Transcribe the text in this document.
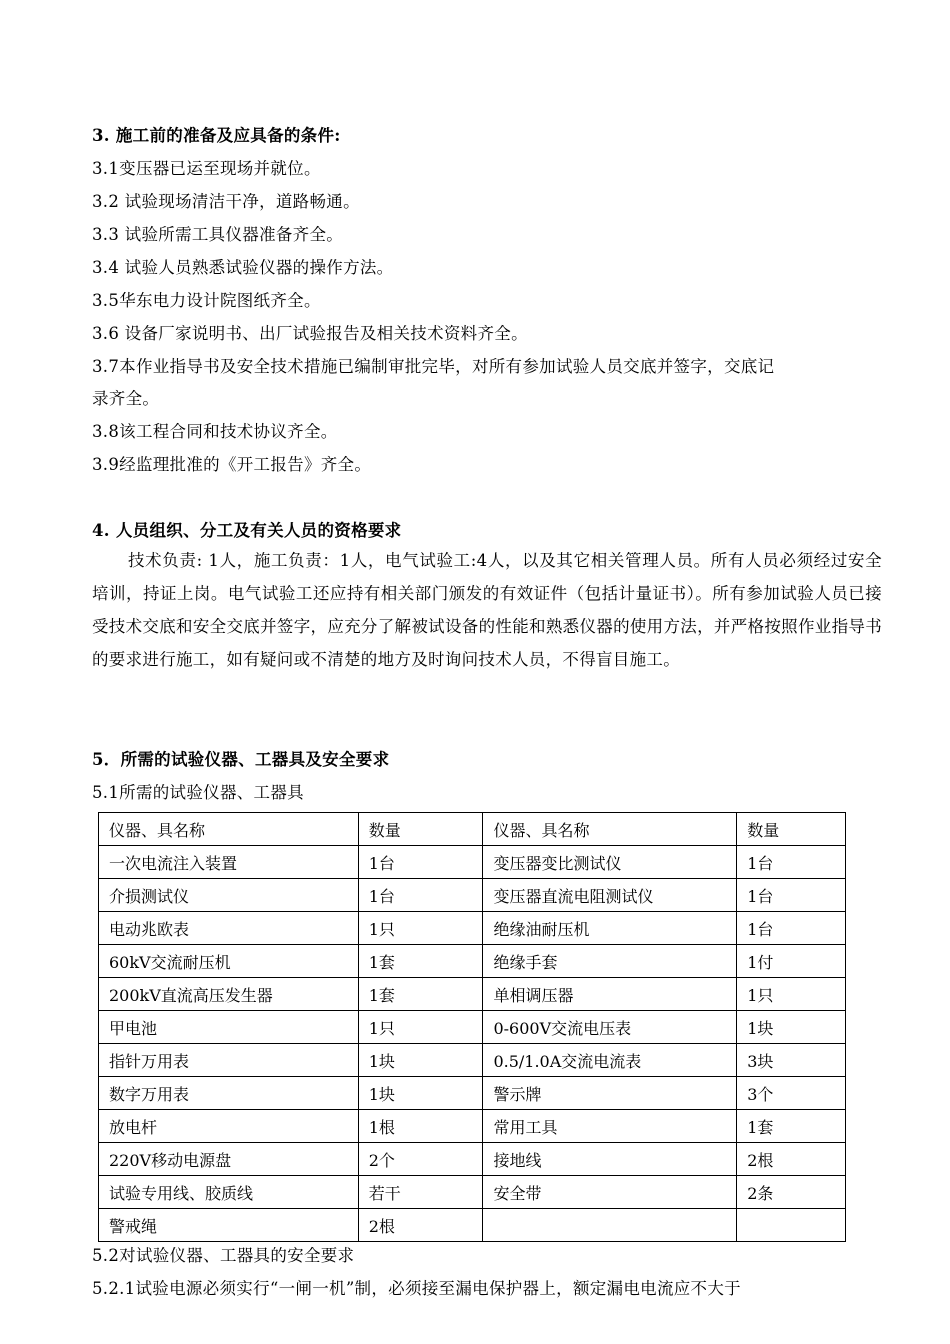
3. 施工前的准备及应具备的条件:
3.1变压器已运至现场并就位。
3.2 试验现场清洁干净，道路畅通。
3.3 试验所需工具仪器准备齐全。
3.4 试验人员熟悉试验仪器的操作方法。
3.5华东电力设计院图纸齐全。
3.6 设备厂家说明书、出厂试验报告及相关技术资料齐全。
3.7本作业指导书及安全技术措施已编制审批完毕，对所有参加试验人员交底并签字，交底记
录齐全。
3.8该工程合同和技术协议齐全。
3.9经监理批准的《开工报告》齐全。
4. 人员组织、分工及有关人员的资格要求

技术负责: 1人，施工负责：1人，电气试验工:4人，以及其它相关管理人员。所有人员必须经过安全培训，持证上岗。电气试验工还应持有相关部门颁发的有效证件（包括计量证书）。所有参加试验人员已接受技术交底和安全交底并签字，应充分了解被试设备的性能和熟悉仪器的使用方法，并严格按照作业指导书的要求进行施工，如有疑问或不清楚的地方及时询问技术人员，不得盲目施工。

5．所需的试验仪器、工器具及安全要求
5.1所需的试验仪器、工器具
仪器、具名称	数量	仪器、具名称	数量
一次电流注入装置	1台	变压器变比测试仪	1台
介损测试仪	1台	变压器直流电阻测试仪	1台
电动兆欧表	1只	绝缘油耐压机	1台
60kV交流耐压机	1套	绝缘手套	1付
200kV直流高压发生器	1套	单相调压器	1只
甲电池	1只	0-600V交流电压表	1块
指针万用表	1块	0.5/1.0A交流电流表	3块
数字万用表	1块	警示牌	3个
放电杆	1根	常用工具	1套
220V移动电源盘	2个	接地线	2根
试验专用线、胶质线	若干	安全带	2条
警戒绳	2根		
5.2对试验仪器、工器具的安全要求
5.2.1试验电源必须实行“一闸一机”制，必须接至漏电保护器上，额定漏电电流应不大于
